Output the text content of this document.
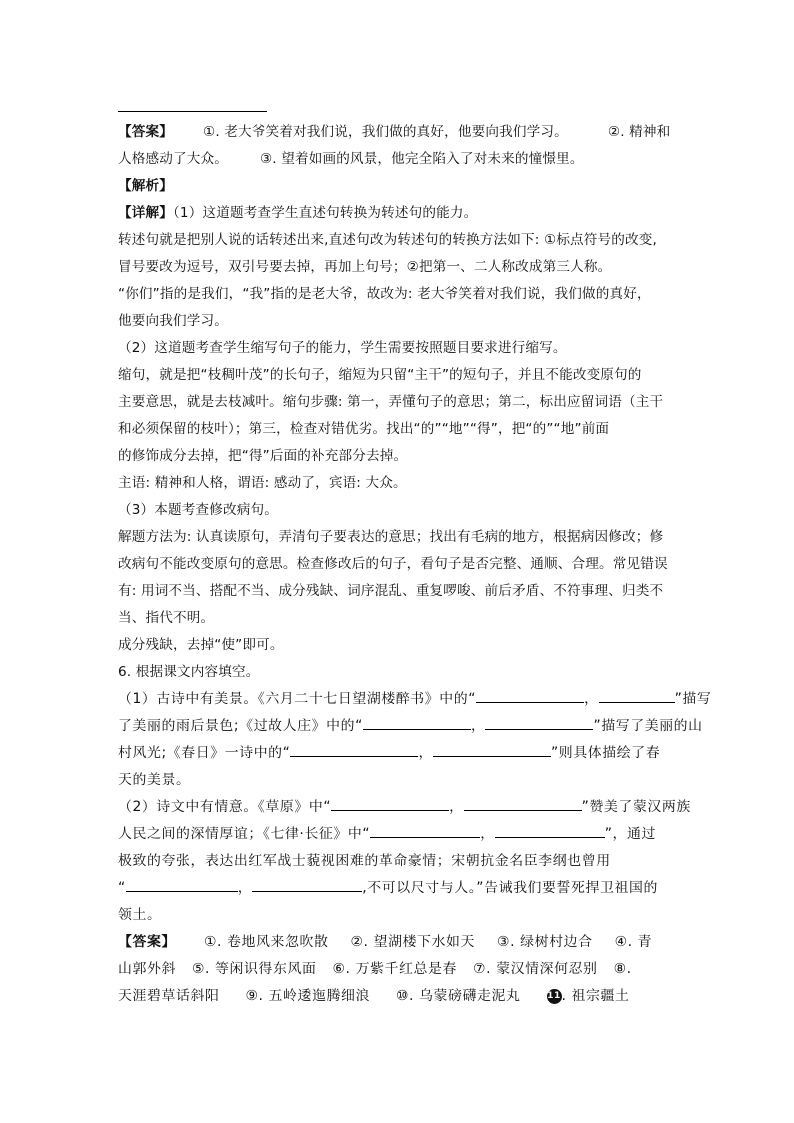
【答案】 ①. 老大爷笑着对我们说，我们做的真好，他要向我们学习。	②. 精神和
人格感动了大众。 ③. 望着如画的风景，他完全陷入了对未来的憧憬里。
【解析】
【详解】（1）这道题考查学生直述句转换为转述句的能力。
转述句就是把别人说的话转述出来,直述句改为转述句的转换方法如下: ①标点符号的改变,
冒号要改为逗号，双引号要去掉，再加上句号；②把第一、二人称改成第三人称。
“你们”指的是我们，“我”指的是老大爷，故改为: 老大爷笑着对我们说，我们做的真好，
他要向我们学习。
（2）这道题考查学生缩写句子的能力，学生需要按照题目要求进行缩写。
缩句，就是把“枝稠叶茂”的长句子，缩短为只留“主干”的短句子，并且不能改变原句的
主要意思，就是去枝减叶。缩句步骤: 第一，弄懂句子的意思；第二，标出应留词语（主干
和必须保留的枝叶）；第三，检查对错优劣。找出“的”“地”“得”，把“的”“地”前面
的修饰成分去掉，把“得”后面的补充部分去掉。
主语: 精神和人格，谓语: 感动了，宾语: 大众。
（3）本题考查修改病句。
解题方法为: 认真读原句，弄清句子要表达的意思；找出有毛病的地方，根据病因修改；修
改病句不能改变原句的意思。检查修改后的句子，看句子是否完整、通顺、合理。常见错误
有: 用词不当、搭配不当、成分残缺、词序混乱、重复啰唆、前后矛盾、不符事理、归类不
当、指代不明。
成分残缺，去掉“使”即可。
6. 根据课文内容填空。
（1）古诗中有美景。《六月二十七日望湖楼醉书》中的“	，	”描写
了美丽的雨后景色;《过故人庄》中的“	，	”描写了美丽的山
村风光;《春日》一诗中的“	，	”则具体描绘了春
天的美景。
（2）诗文中有情意。《草原》中“	，	”赞美了蒙汉两族
人民之间的深情厚谊；《七律·长征》中“	，	”，通过
极致的夸张，表达出红军战士藐视困难的革命豪情；宋朝抗金名臣李纲也曾用
“	，	,不可以尺寸与人。”告诫我们要誓死捍卫祖国的
领土。
【答案】 ①. 卷地风来忽吹散 ②. 望湖楼下水如天 ③. 绿树村边合 ④. 青
山郭外斜 ⑤. 等闲识得东风面 ⑥. 万紫千红总是春 ⑦. 蒙汉情深何忍别 ⑧.
天涯碧草话斜阳 ⑨. 五岭逶迤腾细浪 ⑩. 乌蒙磅礴走泥丸	11. 祖宗疆土
